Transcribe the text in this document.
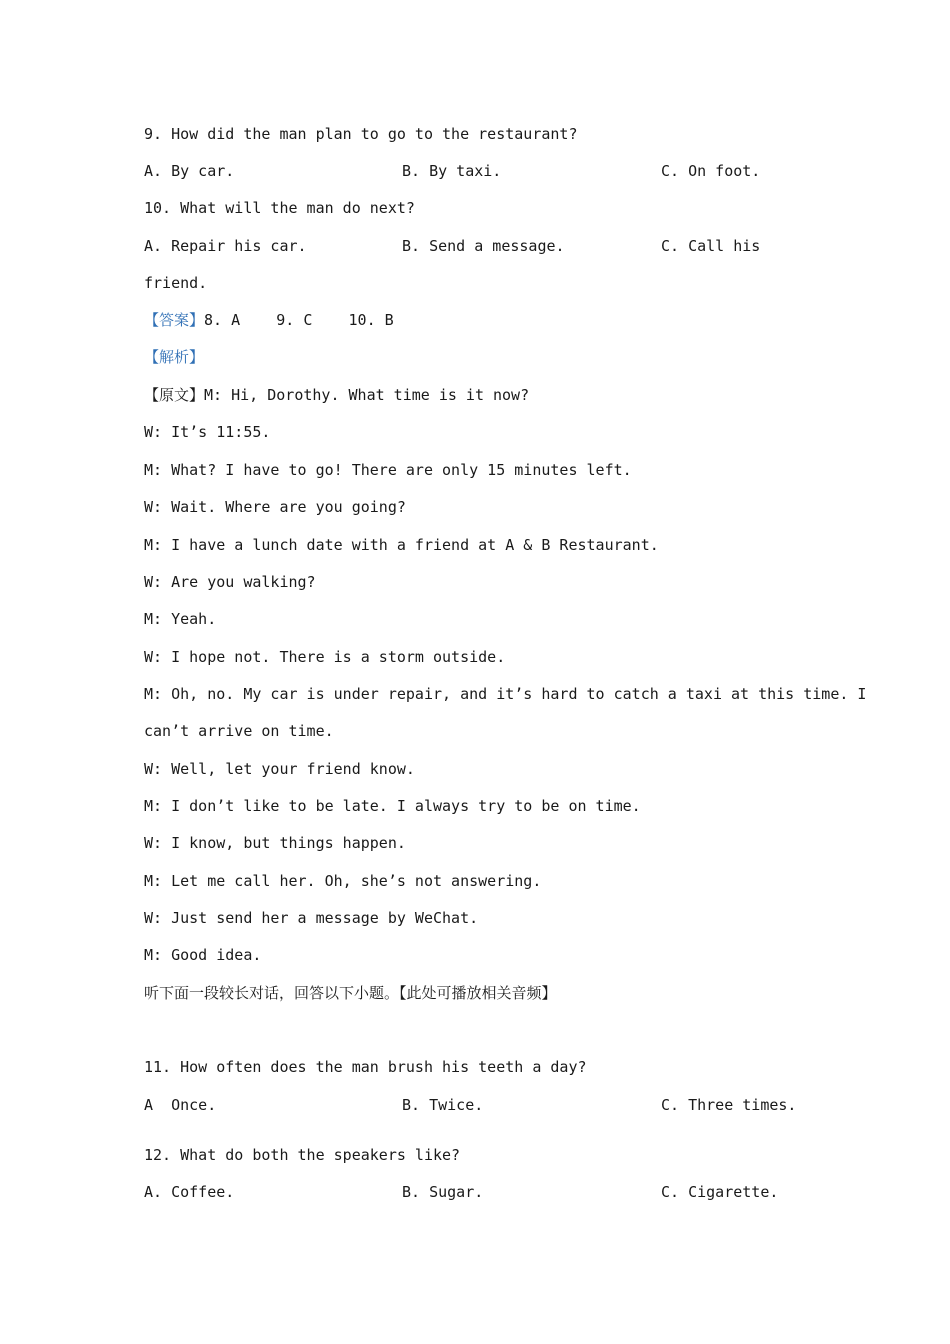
9. How did the man plan to go to the restaurant?
A. By car.	B. By taxi.	C. On foot.
10. What will the man do next?
A. Repair his car.	B. Send a message.	C. Call his
friend.
【答案】8. A    9. C    10. B
【解析】
【原文】M: Hi, Dorothy. What time is it now?
W: It’s 11:55.
M: What? I have to go! There are only 15 minutes left.
W: Wait. Where are you going?
M: I have a lunch date with a friend at A & B Restaurant.
W: Are you walking?
M: Yeah.
W: I hope not. There is a storm outside.
M: Oh, no. My car is under repair, and it’s hard to catch a taxi at this time. I
can’t arrive on time.
W: Well, let your friend know.
M: I don’t like to be late. I always try to be on time.
W: I know, but things happen.
M: Let me call her. Oh, she’s not answering.
W: Just send her a message by WeChat.
M: Good idea.
听下面一段较长对话，回答以下小题。【此处可播放相关音频】
11. How often does the man brush his teeth a day?
A  Once.	B. Twice.	C. Three times.
12. What do both the speakers like?
A. Coffee.	B. Sugar.	C. Cigarette.
